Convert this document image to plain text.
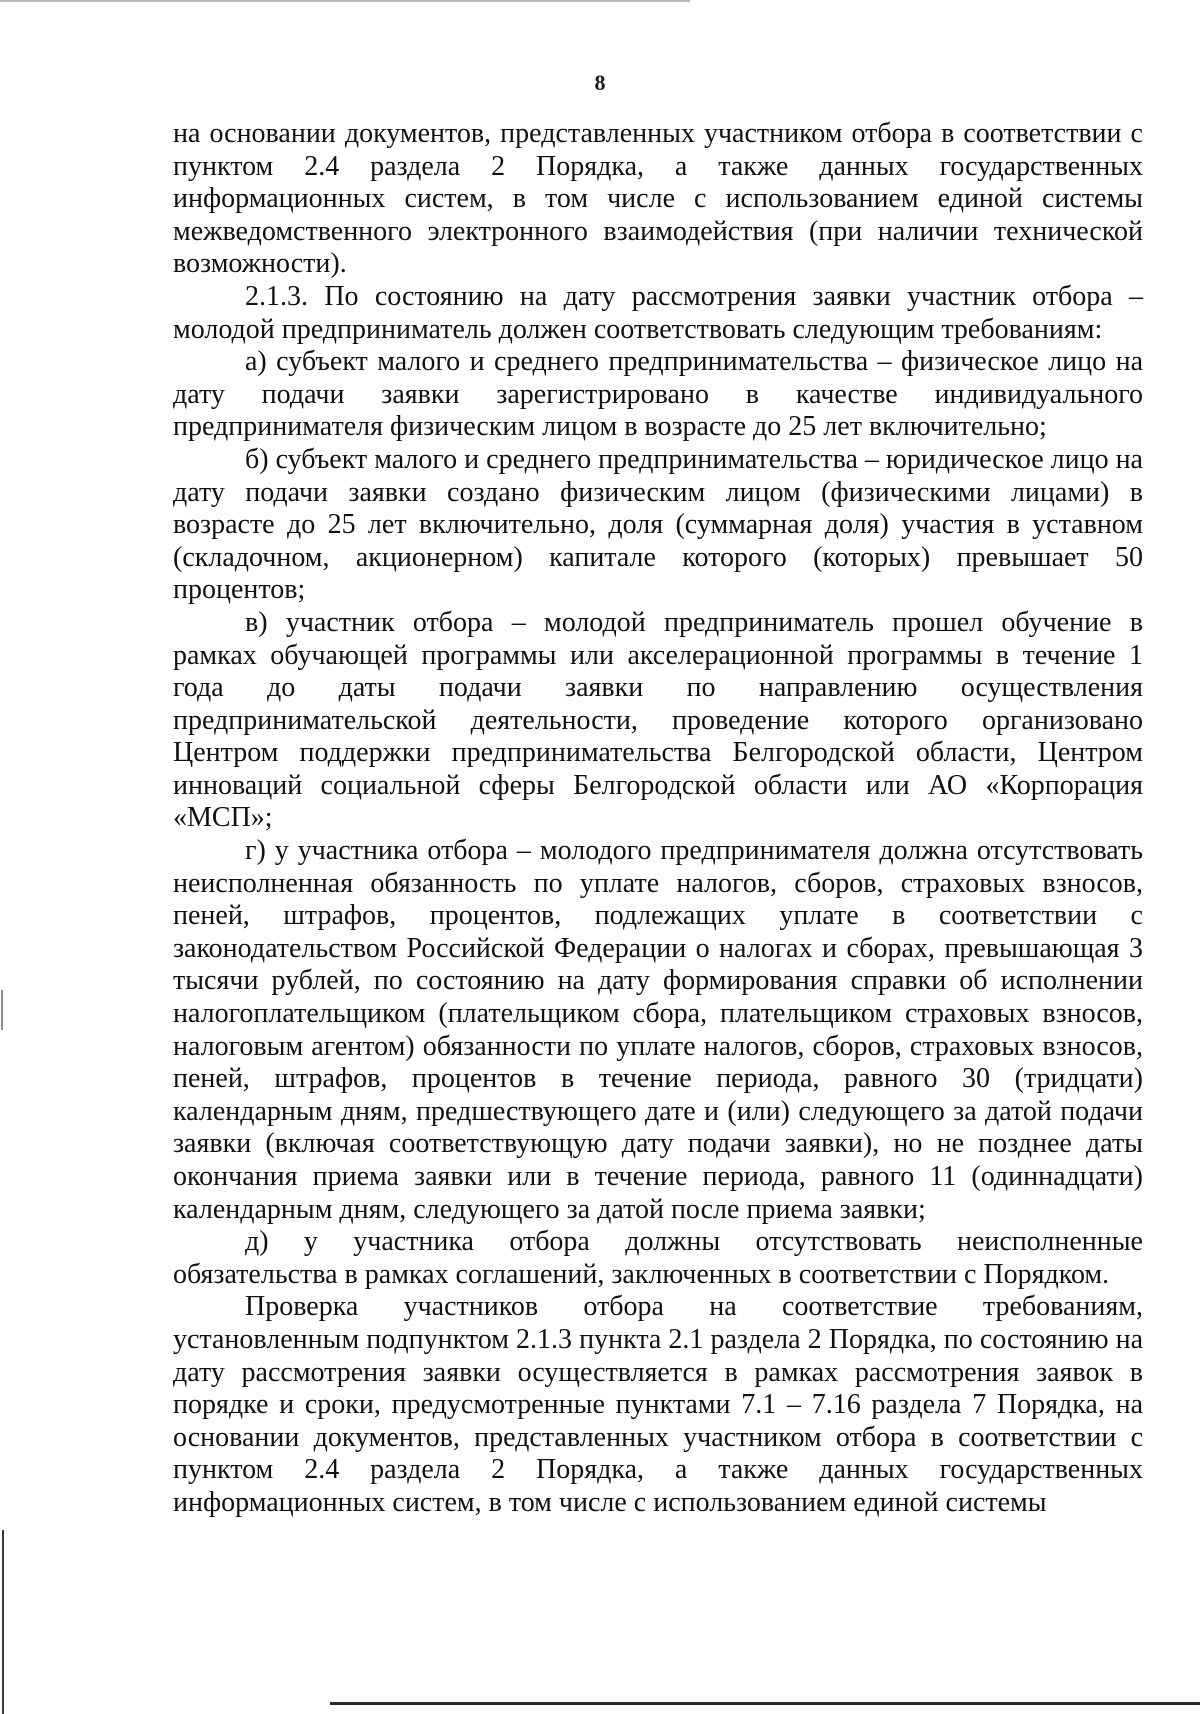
8

на основании документов, представленных участником отбора в соответствии с пунктом 2.4 раздела 2 Порядка, а также данных государственных информационных систем, в том числе с использованием единой системы межведомственного электронного взаимодействия (при наличии технической возможности).

2.1.3. По состоянию на дату рассмотрения заявки участник отбора – молодой предприниматель должен соответствовать следующим требованиям:

а) субъект малого и среднего предпринимательства – физическое лицо на дату подачи заявки зарегистрировано в качестве индивидуального предпринимателя физическим лицом в возрасте до 25 лет включительно;

б) субъект малого и среднего предпринимательства – юридическое лицо на дату подачи заявки создано физическим лицом (физическими лицами) в возрасте до 25 лет включительно, доля (суммарная доля) участия в уставном (складочном, акционерном) капитале которого (которых) превышает 50 процентов;

в) участник отбора – молодой предприниматель прошел обучение в рамках обучающей программы или акселерационной программы в течение 1 года до даты подачи заявки по направлению осуществления предпринимательской деятельности, проведение которого организовано Центром поддержки предпринимательства Белгородской области, Центром инноваций социальной сферы Белгородской области или АО «Корпорация «МСП»;

г) у участника отбора – молодого предпринимателя должна отсутствовать неисполненная обязанность по уплате налогов, сборов, страховых взносов, пеней, штрафов, процентов, подлежащих уплате в соответствии с законодательством Российской Федерации о налогах и сборах, превышающая 3 тысячи рублей, по состоянию на дату формирования справки об исполнении налогоплательщиком (плательщиком сбора, плательщиком страховых взносов, налоговым агентом) обязанности по уплате налогов, сборов, страховых взносов, пеней, штрафов, процентов в течение периода, равного 30 (тридцати) календарным дням, предшествующего дате и (или) следующего за датой подачи заявки (включая соответствующую дату подачи заявки), но не позднее даты окончания приема заявки или в течение периода, равного 11 (одиннадцати) календарным дням, следующего за датой после приема заявки;

д) у участника отбора должны отсутствовать неисполненные обязательства в рамках соглашений, заключенных в соответствии с Порядком.

Проверка участников отбора на соответствие требованиям, установленным подпунктом 2.1.3 пункта 2.1 раздела 2 Порядка, по состоянию на дату рассмотрения заявки осуществляется в рамках рассмотрения заявок в порядке и сроки, предусмотренные пунктами 7.1 – 7.16 раздела 7 Порядка, на основании документов, представленных участником отбора в соответствии с пунктом 2.4 раздела 2 Порядка, а также данных государственных информационных систем, в том числе с использованием единой системы
